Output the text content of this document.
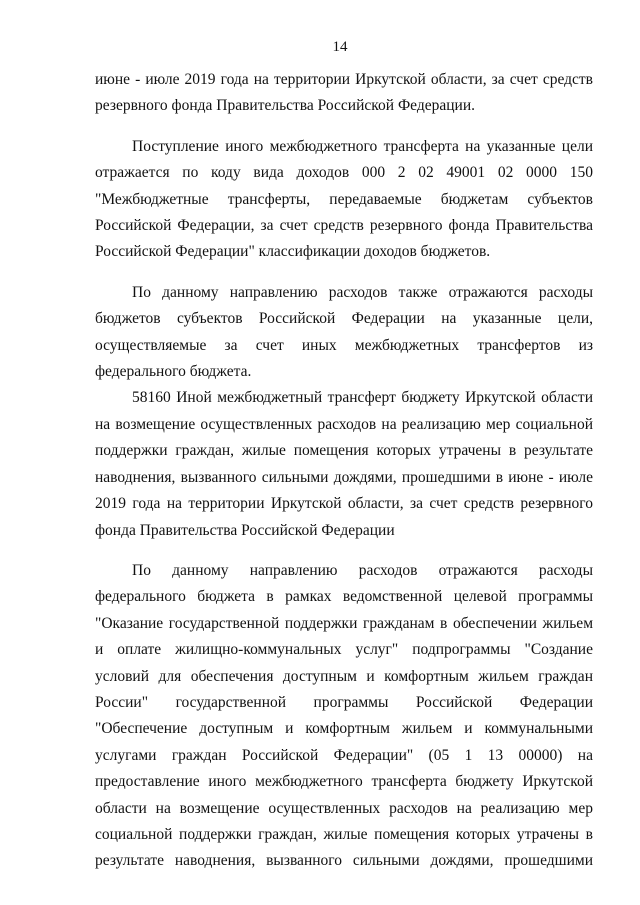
14

июне - июле 2019 года на территории Иркутской области, за счет средств резервного фонда Правительства Российской Федерации.

Поступление иного межбюджетного трансферта на указанные цели отражается по коду вида доходов 000 2 02 49001 02 0000 150 "Межбюджетные трансферты, передаваемые бюджетам субъектов Российской Федерации, за счет средств резервного фонда Правительства Российской Федерации" классификации доходов бюджетов.

По данному направлению расходов также отражаются расходы бюджетов субъектов Российской Федерации на указанные цели, осуществляемые за счет иных межбюджетных трансфертов из федерального бюджета.

58160 Иной межбюджетный трансферт бюджету Иркутской области на возмещение осуществленных расходов на реализацию мер социальной поддержки граждан, жилые помещения которых утрачены в результате наводнения, вызванного сильными дождями, прошедшими в июне - июле 2019 года на территории Иркутской области, за счет средств резервного фонда Правительства Российской Федерации

По данному направлению расходов отражаются расходы федерального бюджета в рамках ведомственной целевой программы "Оказание государственной поддержки гражданам в обеспечении жильем и оплате жилищно-коммунальных услуг" подпрограммы "Создание условий для обеспечения доступным и комфортным жильем граждан России" государственной программы Российской Федерации "Обеспечение доступным и комфортным жильем и коммунальными услугами граждан Российской Федерации" (05 1 13 00000) на предоставление иного межбюджетного трансферта бюджету Иркутской области на возмещение осуществленных расходов на реализацию мер социальной поддержки граждан, жилые помещения которых утрачены в результате наводнения, вызванного сильными дождями, прошедшими
